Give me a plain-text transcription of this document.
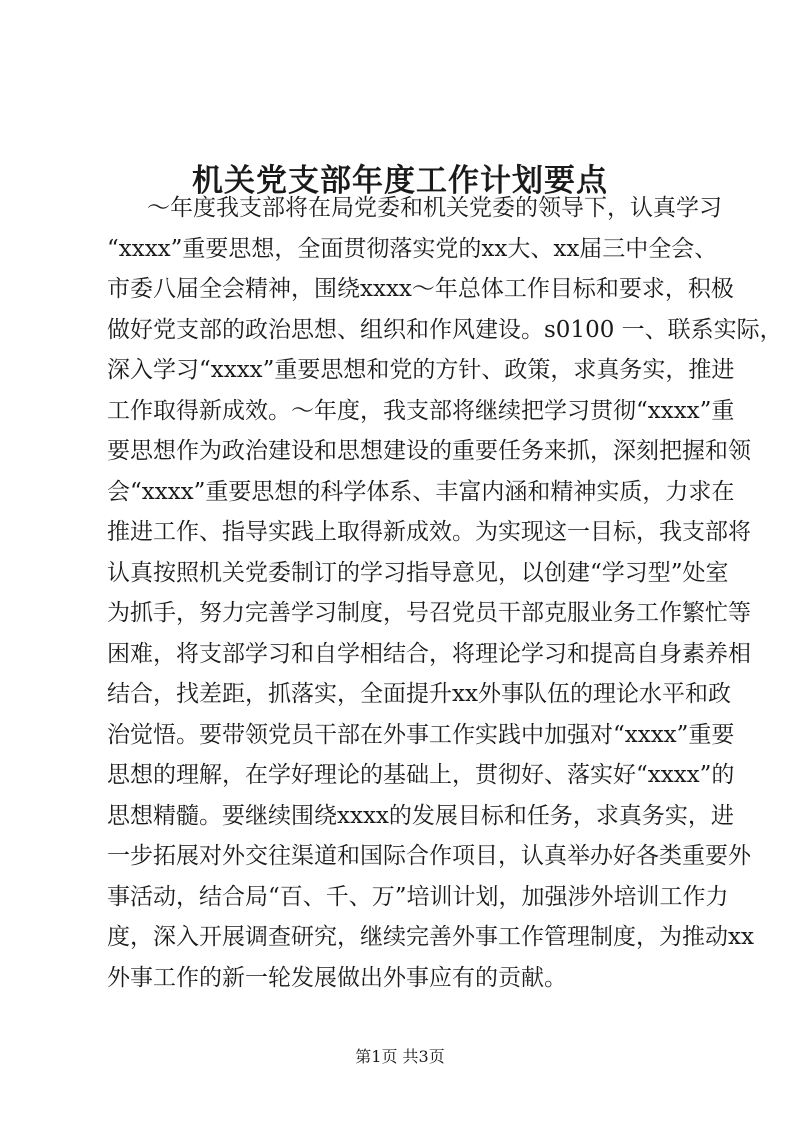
机关党支部年度工作计划要点
～年度我支部将在局党委和机关党委的领导下，认真学习
“xxxx”重要思想，全面贯彻落实党的xx大、xx届三中全会、
市委八届全会精神，围绕xxxx～年总体工作目标和要求，积极
做好党支部的政治思想、组织和作风建设。s0100 一、联系实际，
深入学习“xxxx”重要思想和党的方针、政策，求真务实，推进
工作取得新成效。～年度，我支部将继续把学习贯彻“xxxx”重
要思想作为政治建设和思想建设的重要任务来抓，深刻把握和领
会“xxxx”重要思想的科学体系、丰富内涵和精神实质，力求在
推进工作、指导实践上取得新成效。为实现这一目标，我支部将
认真按照机关党委制订的学习指导意见，以创建“学习型”处室
为抓手，努力完善学习制度，号召党员干部克服业务工作繁忙等
困难，将支部学习和自学相结合，将理论学习和提高自身素养相
结合，找差距，抓落实，全面提升xx外事队伍的理论水平和政
治觉悟。要带领党员干部在外事工作实践中加强对“xxxx”重要
思想的理解，在学好理论的基础上，贯彻好、落实好“xxxx”的
思想精髓。要继续围绕xxxx的发展目标和任务，求真务实，进
一步拓展对外交往渠道和国际合作项目，认真举办好各类重要外
事活动，结合局“百、千、万”培训计划，加强涉外培训工作力
度，深入开展调查研究，继续完善外事工作管理制度，为推动xx
外事工作的新一轮发展做出外事应有的贡献。
第1页 共3页
